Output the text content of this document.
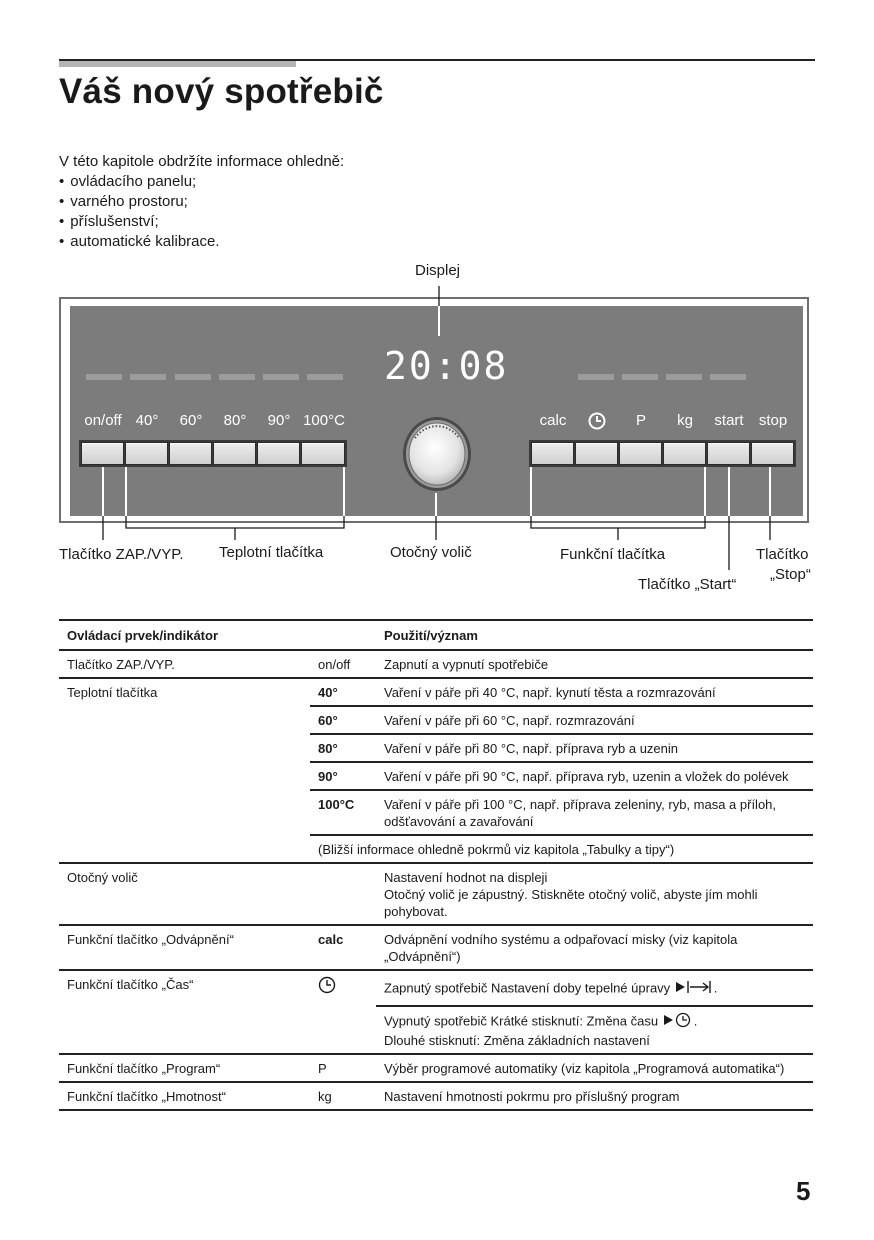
Váš nový spotřebič
V této kapitole obdržíte informace ohledně:
• ovládacího panelu;
• varného prostoru;
• příslušenství;
• automatické kalibrace.
20:08
on/off 40°	60°	80°	90° 100°C	calc	P	kg	start	stop
Displej
Tlačítko ZAP./VYP. Teplotní tlačítka	Otočný volič	Funkční tlačítka
Tlačítko „Start“
Tlačítko
„Stop“
Ovládací prvek/indikátor		Použití/význam
Tlačítko ZAP./VYP.	on/off	Zapnutí a vypnutí spotřebiče
Teplotní tlačítka	40°	Vaření v páře při 40 °C, např. kynutí těsta a rozmrazování
	60°	Vaření v páře při 60 °C, např. rozmrazování
	80°	Vaření v páře při 80 °C, např. příprava ryb a uzenin
	90°	Vaření v páře při 90 °C, např. příprava ryb, uzenin a vložek do polévek
	100°C	Vaření v páře při 100 °C, např. příprava zeleniny, ryb, masa a příloh, odšťavování a zavařování
	(Bližší informace ohledně pokrmů viz kapitola „Tabulky a tipy“)	
Otočný volič		Nastavení hodnot na displeji
Otočný volič je zápustný. Stiskněte otočný volič, abyste jím mohli pohybovat.

Funkční tlačítko „Odvápnění“	calc	Odvápnění vodního systému a odpařovací misky (viz kapitola „Odvápnění“)
Funkční tlačítko „Čas“		Zapnutý spotřebič Nastavení doby tepelné úpravy .

		Vypnutý spotřebič Krátké stisknutí: Změna času .
Dlouhé stisknutí: Změna základních nastavení

Funkční tlačítko „Program“	P	Výběr programové automatiky (viz kapitola „Programová automatika“)
Funkční tlačítko „Hmotnost“	kg	Nastavení hmotnosti pokrmu pro příslušný program
5
